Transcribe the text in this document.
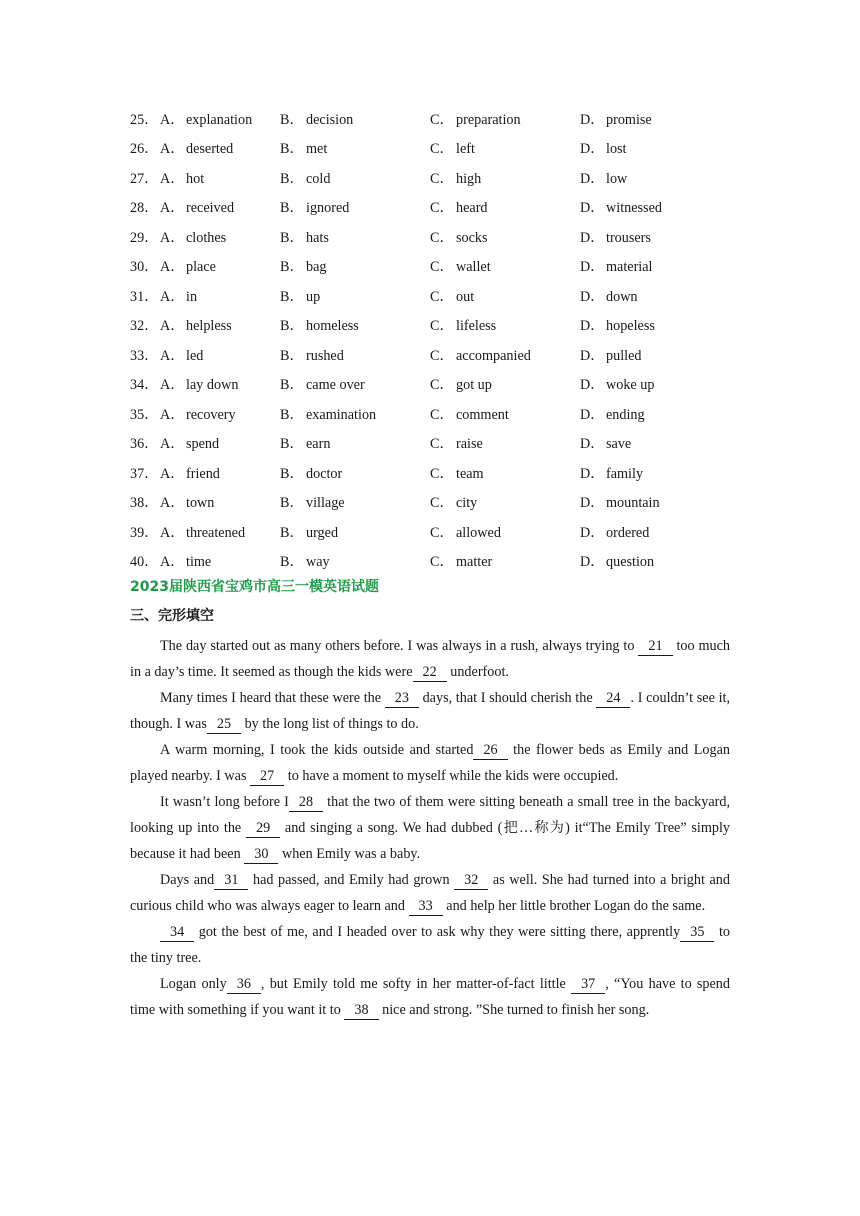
25． A． explanation	B． decision	C． preparation	D． promise
26． A． deserted	B． met	C． left	D． lost
27． A． hot	B． cold	C． high	D． low
28． A． received	B． ignored	C． heard	D． witnessed
29． A． clothes	B． hats	C． socks	D． trousers
30． A． place	B． bag	C． wallet	D． material
31． A． in	B． up	C． out	D． down
32． A． helpless	B． homeless	C． lifeless	D． hopeless
33． A． led	B． rushed	C． accompanied	D． pulled
34． A． lay down	B． came over	C． got up	D． woke up
35． A． recovery	B． examination	C． comment	D． ending
36． A． spend	B． earn	C． raise	D． save
37． A． friend	B． doctor	C． team	D． family
38． A． town	B． village	C． city	D． mountain
39． A． threatened	B． urged	C． allowed	D． ordered
40． A． time	B． way	C． matter	D． question
2023届陕西省宝鸡市高三一模英语试题
三、完形填空

The day started out as many others before. I was always in a rush, always trying to 21 too much in a day’s time. It seemed as though the kids were 22 underfoot.

Many times I heard that these were the 23 days, that I should cherish the 24 . I couldn’t see it, though. I was 25 by the long list of things to do.

A warm morning, I took the kids outside and started 26 the flower beds as Emily and Logan played nearby. I was 27 to have a moment to myself while the kids were occupied.

It wasn’t long before I 28 that the two of them were sitting beneath a small tree in the backyard, looking up into the 29 and singing a song. We had dubbed (把…称为) it“The Emily Tree” simply because it had been 30 when Emily was a baby.

Days and 31 had passed, and Emily had grown 32 as well. She had turned into a bright and curious child who was always eager to learn and 33 and help her little brother Logan do the same.

34 got the best of me, and I headed over to ask why they were sitting there, apprently 35 to the tiny tree.

Logan only 36 , but Emily told me softy in her matter-of-fact little 37 , “You have to spend time with something if you want it to 38 nice and strong. ”She turned to finish her song.
